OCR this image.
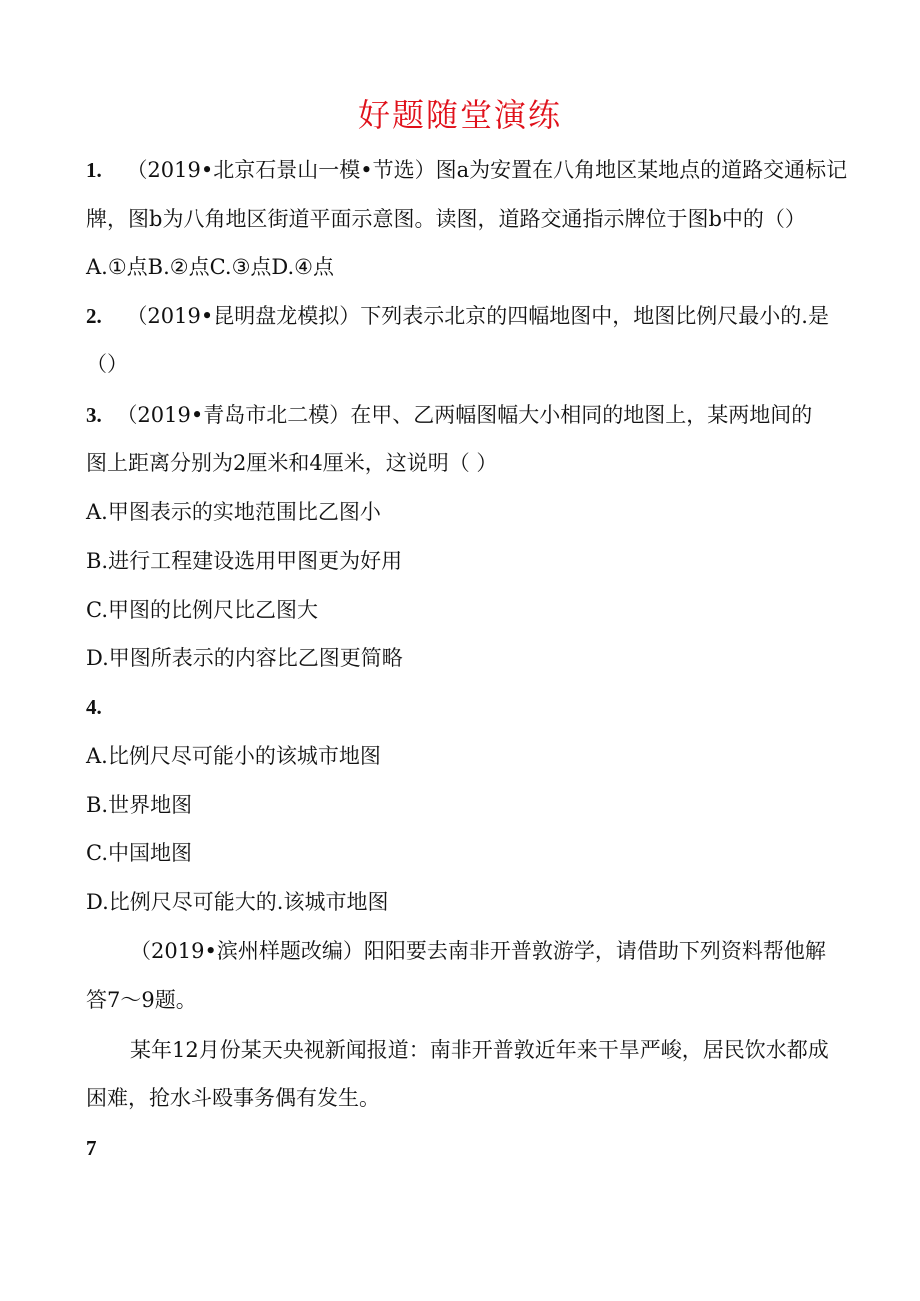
好题随堂演练
1. （2019•北京石景山一模•节选）图a为安置在八角地区某地点的道路交通标记
牌，图b为八角地区街道平面示意图。读图，道路交通指示牌位于图b中的（）
A.①点B.②点C.③点D.④点
2. （2019•昆明盘龙模拟）下列表示北京的四幅地图中，地图比例尺最小的.是
（）
3. （2019•青岛市北二模）在甲、乙两幅图幅大小相同的地图上，某两地间的
图上距离分别为2厘米和4厘米，这说明（ ）
A.甲图表示的实地范围比乙图小
B.进行工程建设选用甲图更为好用
C.甲图的比例尺比乙图大
D.甲图所表示的内容比乙图更简略
4.
A.比例尺尽可能小的该城市地图
B.世界地图
C.中国地图
D.比例尺尽可能大的.该城市地图
（2019•滨州样题改编）阳阳要去南非开普敦游学，请借助下列资料帮他解
答7～9题。
某年12月份某天央视新闻报道：南非开普敦近年来干旱严峻，居民饮水都成
困难，抢水斗殴事务偶有发生。
7
